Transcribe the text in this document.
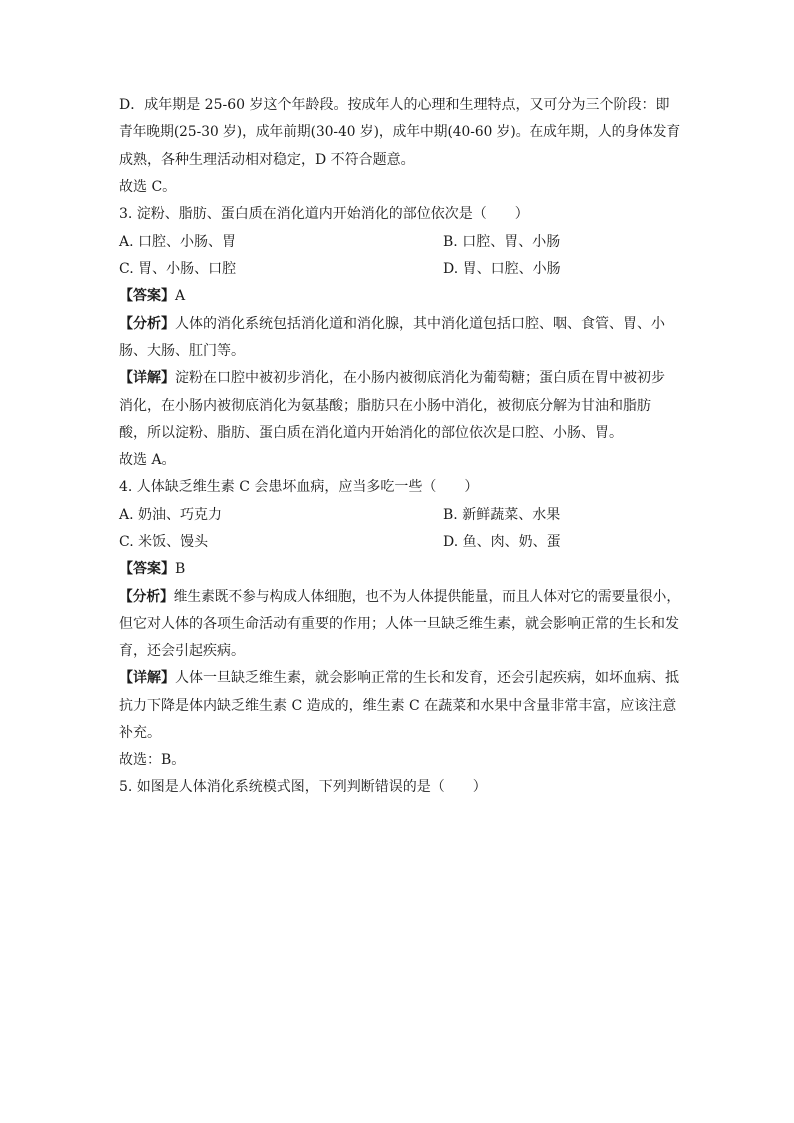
D．成年期是 25-60 岁这个年龄段。按成年人的心理和生理特点，又可分为三个阶段：即
青年晚期(25-30 岁)，成年前期(30-40 岁)，成年中期(40-60 岁)。在成年期，人的身体发育
成熟，各种生理活动相对稳定，D 不符合题意。
故选 C。
3. 淀粉、脂肪、蛋白质在消化道内开始消化的部位依次是（　　）
A. 口腔、小肠、胃	B. 口腔、胃、小肠
C. 胃、小肠、口腔	D. 胃、口腔、小肠
【答案】A
【分析】人体的消化系统包括消化道和消化腺，其中消化道包括口腔、咽、食管、胃、小
肠、大肠、肛门等。
【详解】淀粉在口腔中被初步消化，在小肠内被彻底消化为葡萄糖；蛋白质在胃中被初步
消化，在小肠内被彻底消化为氨基酸；脂肪只在小肠中消化，被彻底分解为甘油和脂肪
酸，所以淀粉、脂肪、蛋白质在消化道内开始消化的部位依次是口腔、小肠、胃。
故选 A。
4. 人体缺乏维生素 C 会患坏血病，应当多吃一些（　　）
A. 奶油、巧克力	B. 新鲜蔬菜、水果
C. 米饭、馒头	D. 鱼、肉、奶、蛋
【答案】B
【分析】维生素既不参与构成人体细胞，也不为人体提供能量，而且人体对它的需要量很小，
但它对人体的各项生命活动有重要的作用；人体一旦缺乏维生素，就会影响正常的生长和发
育，还会引起疾病。
【详解】人体一旦缺乏维生素，就会影响正常的生长和发育，还会引起疾病，如坏血病、抵
抗力下降是体内缺乏维生素 C 造成的，维生素 C 在蔬菜和水果中含量非常丰富，应该注意
补充。
故选：B。
5. 如图是人体消化系统模式图，下列判断错误的是（　　）
